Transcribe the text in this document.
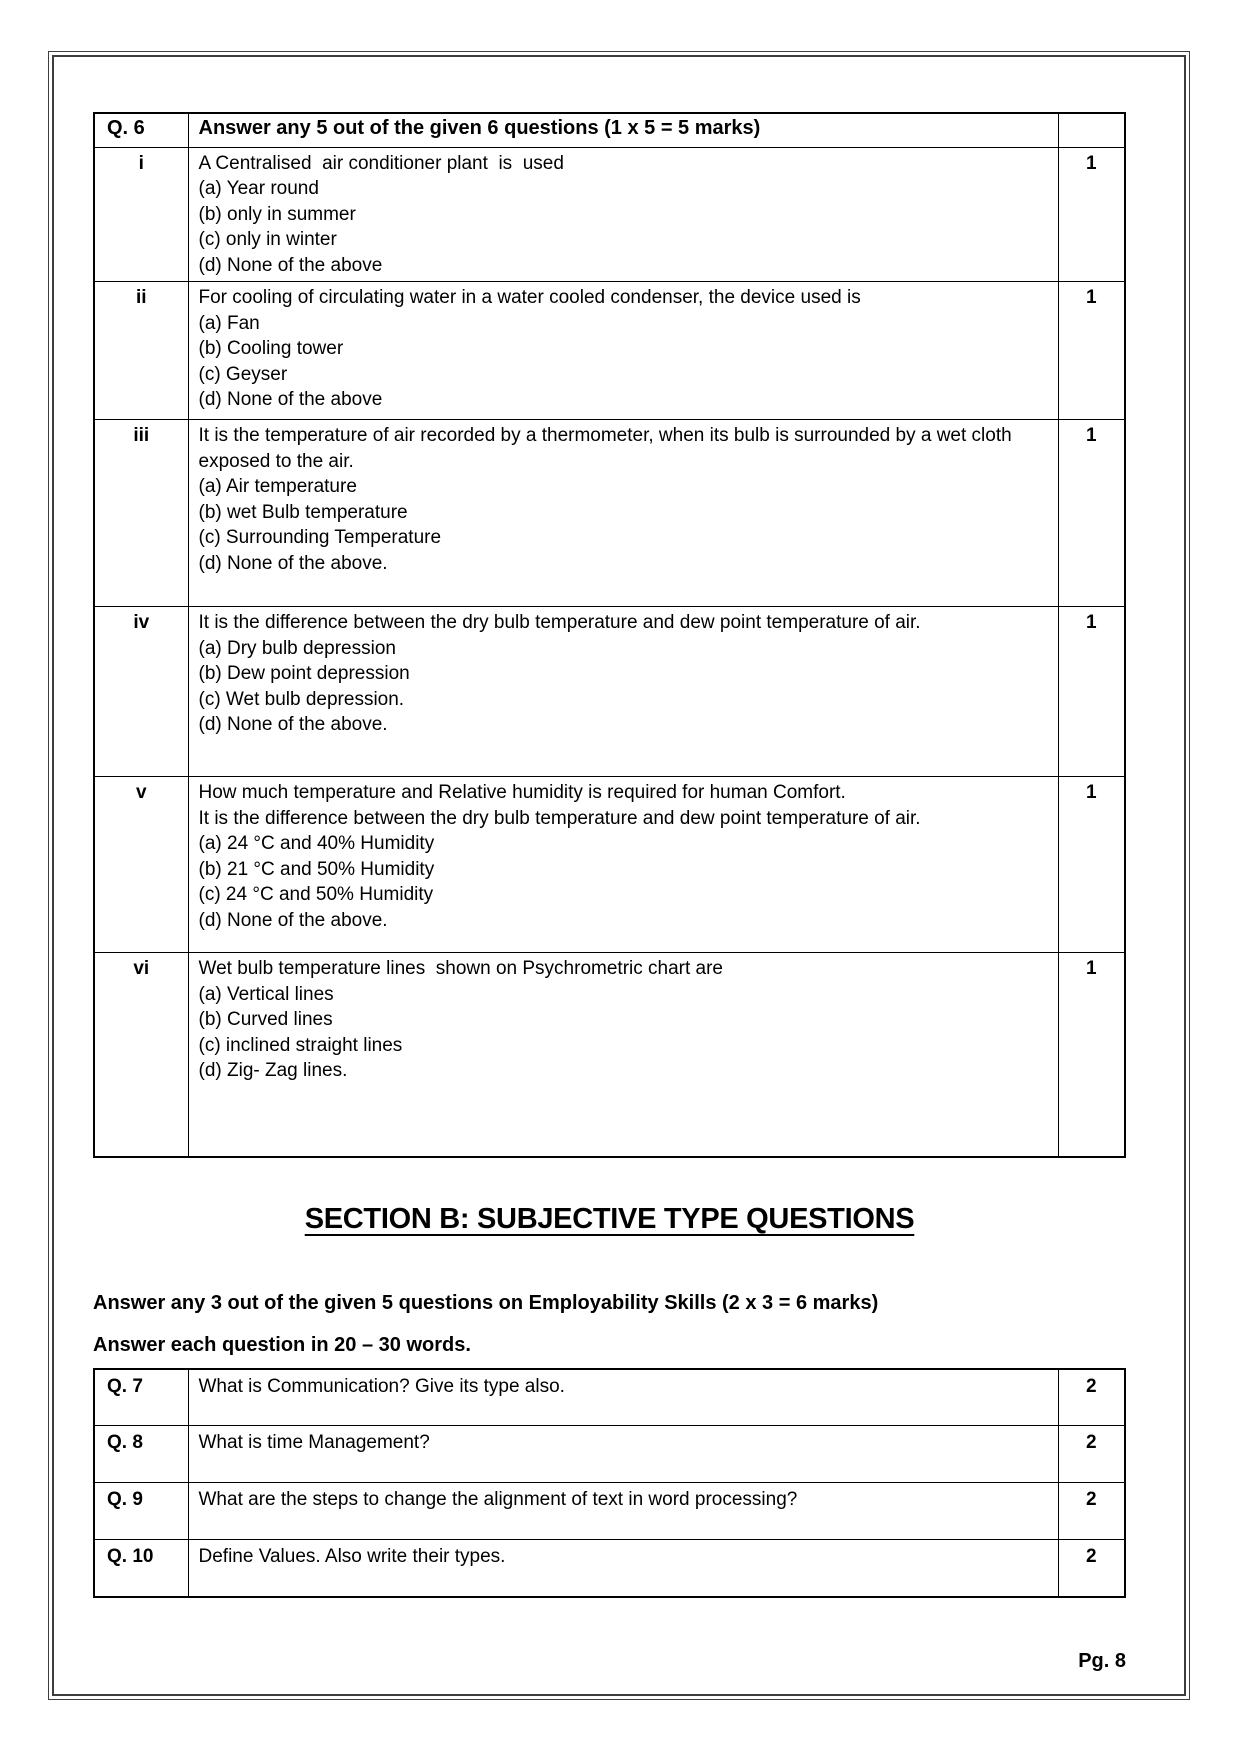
Q. 6	Answer any 5 out of the given 6 questions (1 x 5 = 5 marks)	
i	A Centralised  air conditioner plant  is  used
(a) Year round
(b) only in summer
(c) only in winter
(d) None of the above	1
ii	For cooling of circulating water in a water cooled condenser, the device used is
(a) Fan
(b) Cooling tower
(c) Geyser
(d) None of the above	1
iii	It is the temperature of air recorded by a thermometer, when its bulb is surrounded by a wet cloth exposed to the air.
(a) Air temperature
(b) wet Bulb temperature
(c) Surrounding Temperature
(d) None of the above.	1
iv	It is the difference between the dry bulb temperature and dew point temperature of air.
(a) Dry bulb depression
(b) Dew point depression
(c) Wet bulb depression.
(d) None of the above.	1
v	How much temperature and Relative humidity is required for human Comfort.
It is the difference between the dry bulb temperature and dew point temperature of air.
(a) 24 °C and 40% Humidity
(b) 21 °C and 50% Humidity
(c) 24 °C and 50% Humidity
(d) None of the above.
	1
vi	Wet bulb temperature lines  shown on Psychrometric chart are
(a) Vertical lines
(b) Curved lines
(c) inclined straight lines
(d) Zig- Zag lines.	1
SECTION B: SUBJECTIVE TYPE QUESTIONS
Answer any 3 out of the given 5 questions on Employability Skills (2 x 3 = 6 marks)
Answer each question in 20 – 30 words.
Q. 7	What is Communication? Give its type also.	2
Q. 8	What is time Management?	2
Q. 9	What are the steps to change the alignment of text in word processing?	2
Q. 10	Define Values. Also write their types.	2
Pg. 8
